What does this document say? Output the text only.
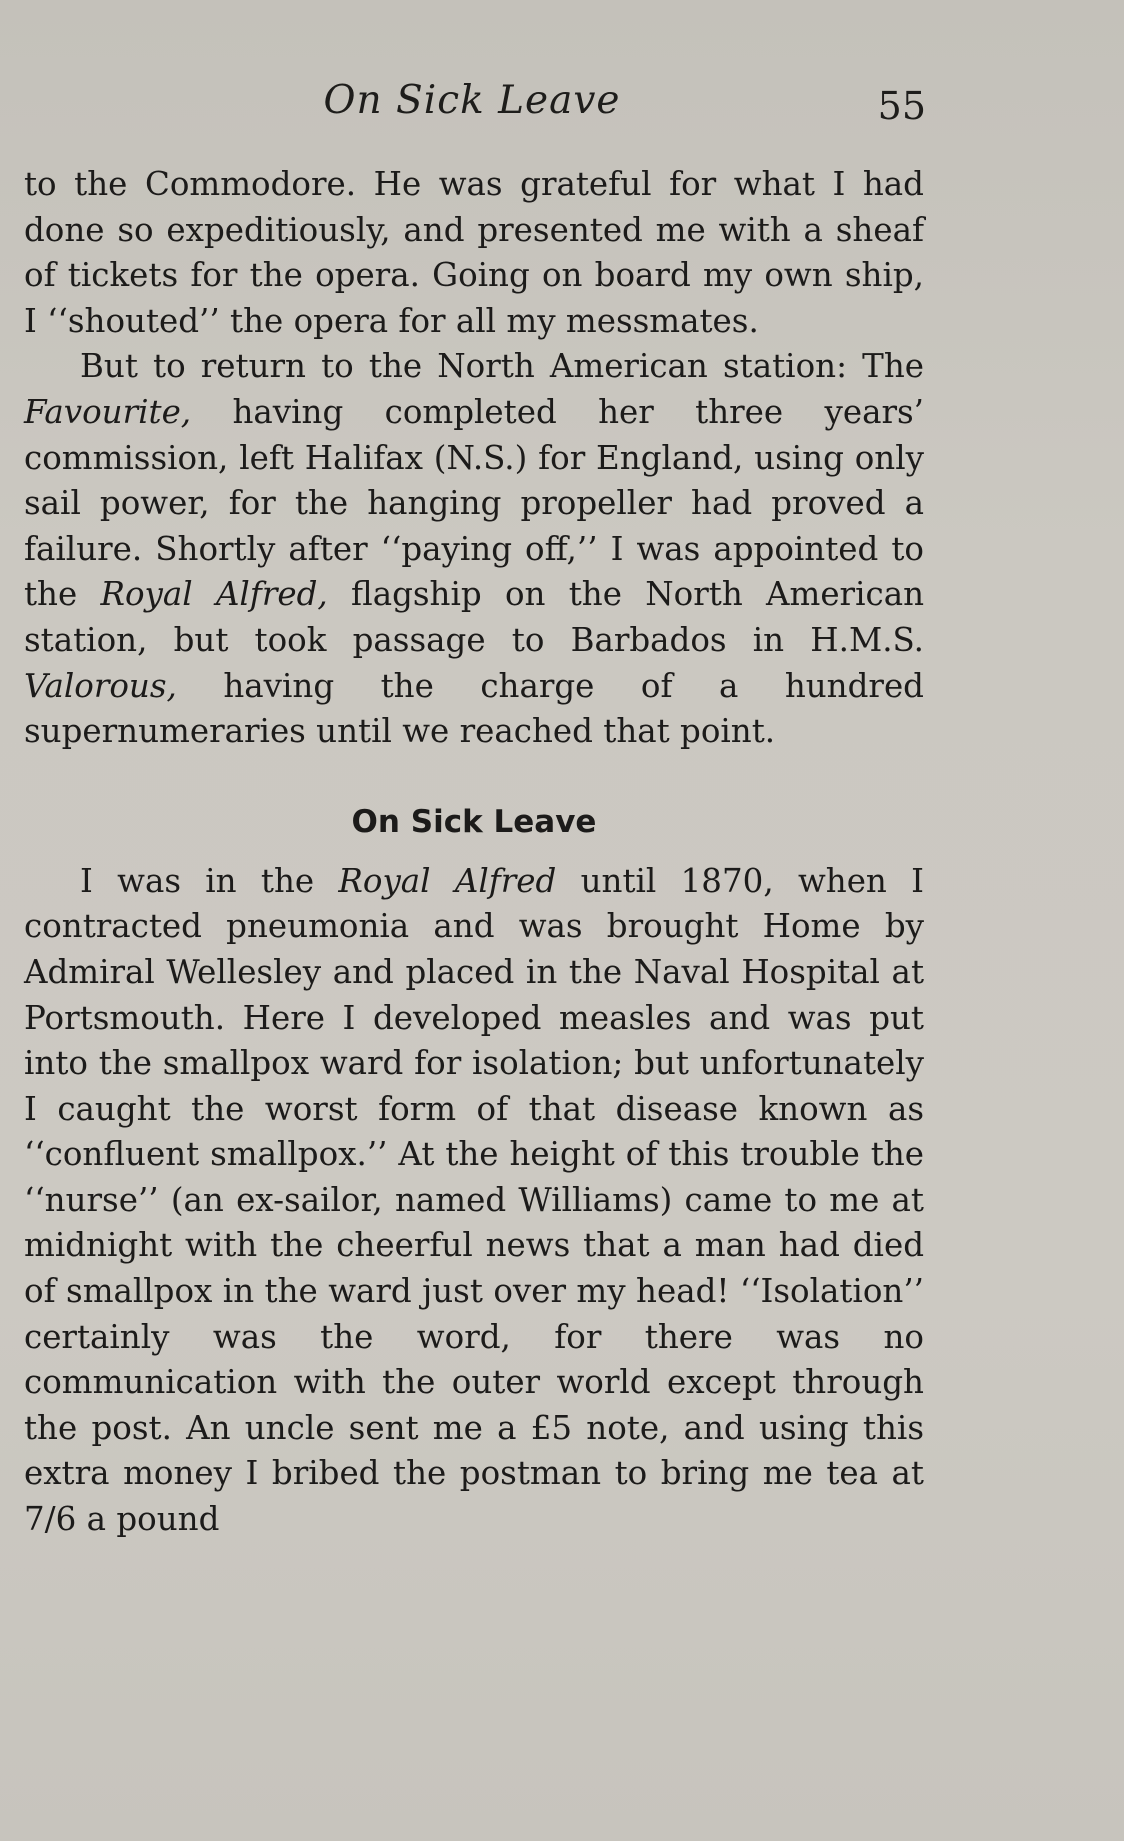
On Sick Leave	55

to the Commodore. He was grateful for what I had done so expeditiously, and presented me with a sheaf of tickets for the opera. Going on board my own ship, I ‘‘shouted’’ the opera for all my messmates.

But to return to the North American station: The Favourite, having completed her three years’ commission, left Halifax (N.S.) for England, using only sail power, for the hanging propeller had proved a failure. Shortly after ‘‘paying off,’’ I was appointed to the Royal Alfred, flagship on the North American station, but took passage to Barbados in H.M.S. Valorous, having the charge of a hundred supernumeraries until we reached that point.

On Sick Leave

I was in the Royal Alfred until 1870, when I contracted pneumonia and was brought Home by Admiral Wellesley and placed in the Naval Hospital at Portsmouth. Here I developed measles and was put into the smallpox ward for isolation; but unfortunately I caught the worst form of that disease known as ‘‘confluent smallpox.’’ At the height of this trouble the ‘‘nurse’’ (an ex-sailor, named Williams) came to me at midnight with the cheerful news that a man had died of smallpox in the ward just over my head! ‘‘Isolation’’ certainly was the word, for there was no communication with the outer world except through the post. An uncle sent me a £5 note, and using this extra money I bribed the postman to bring me tea at 7/6 a pound
